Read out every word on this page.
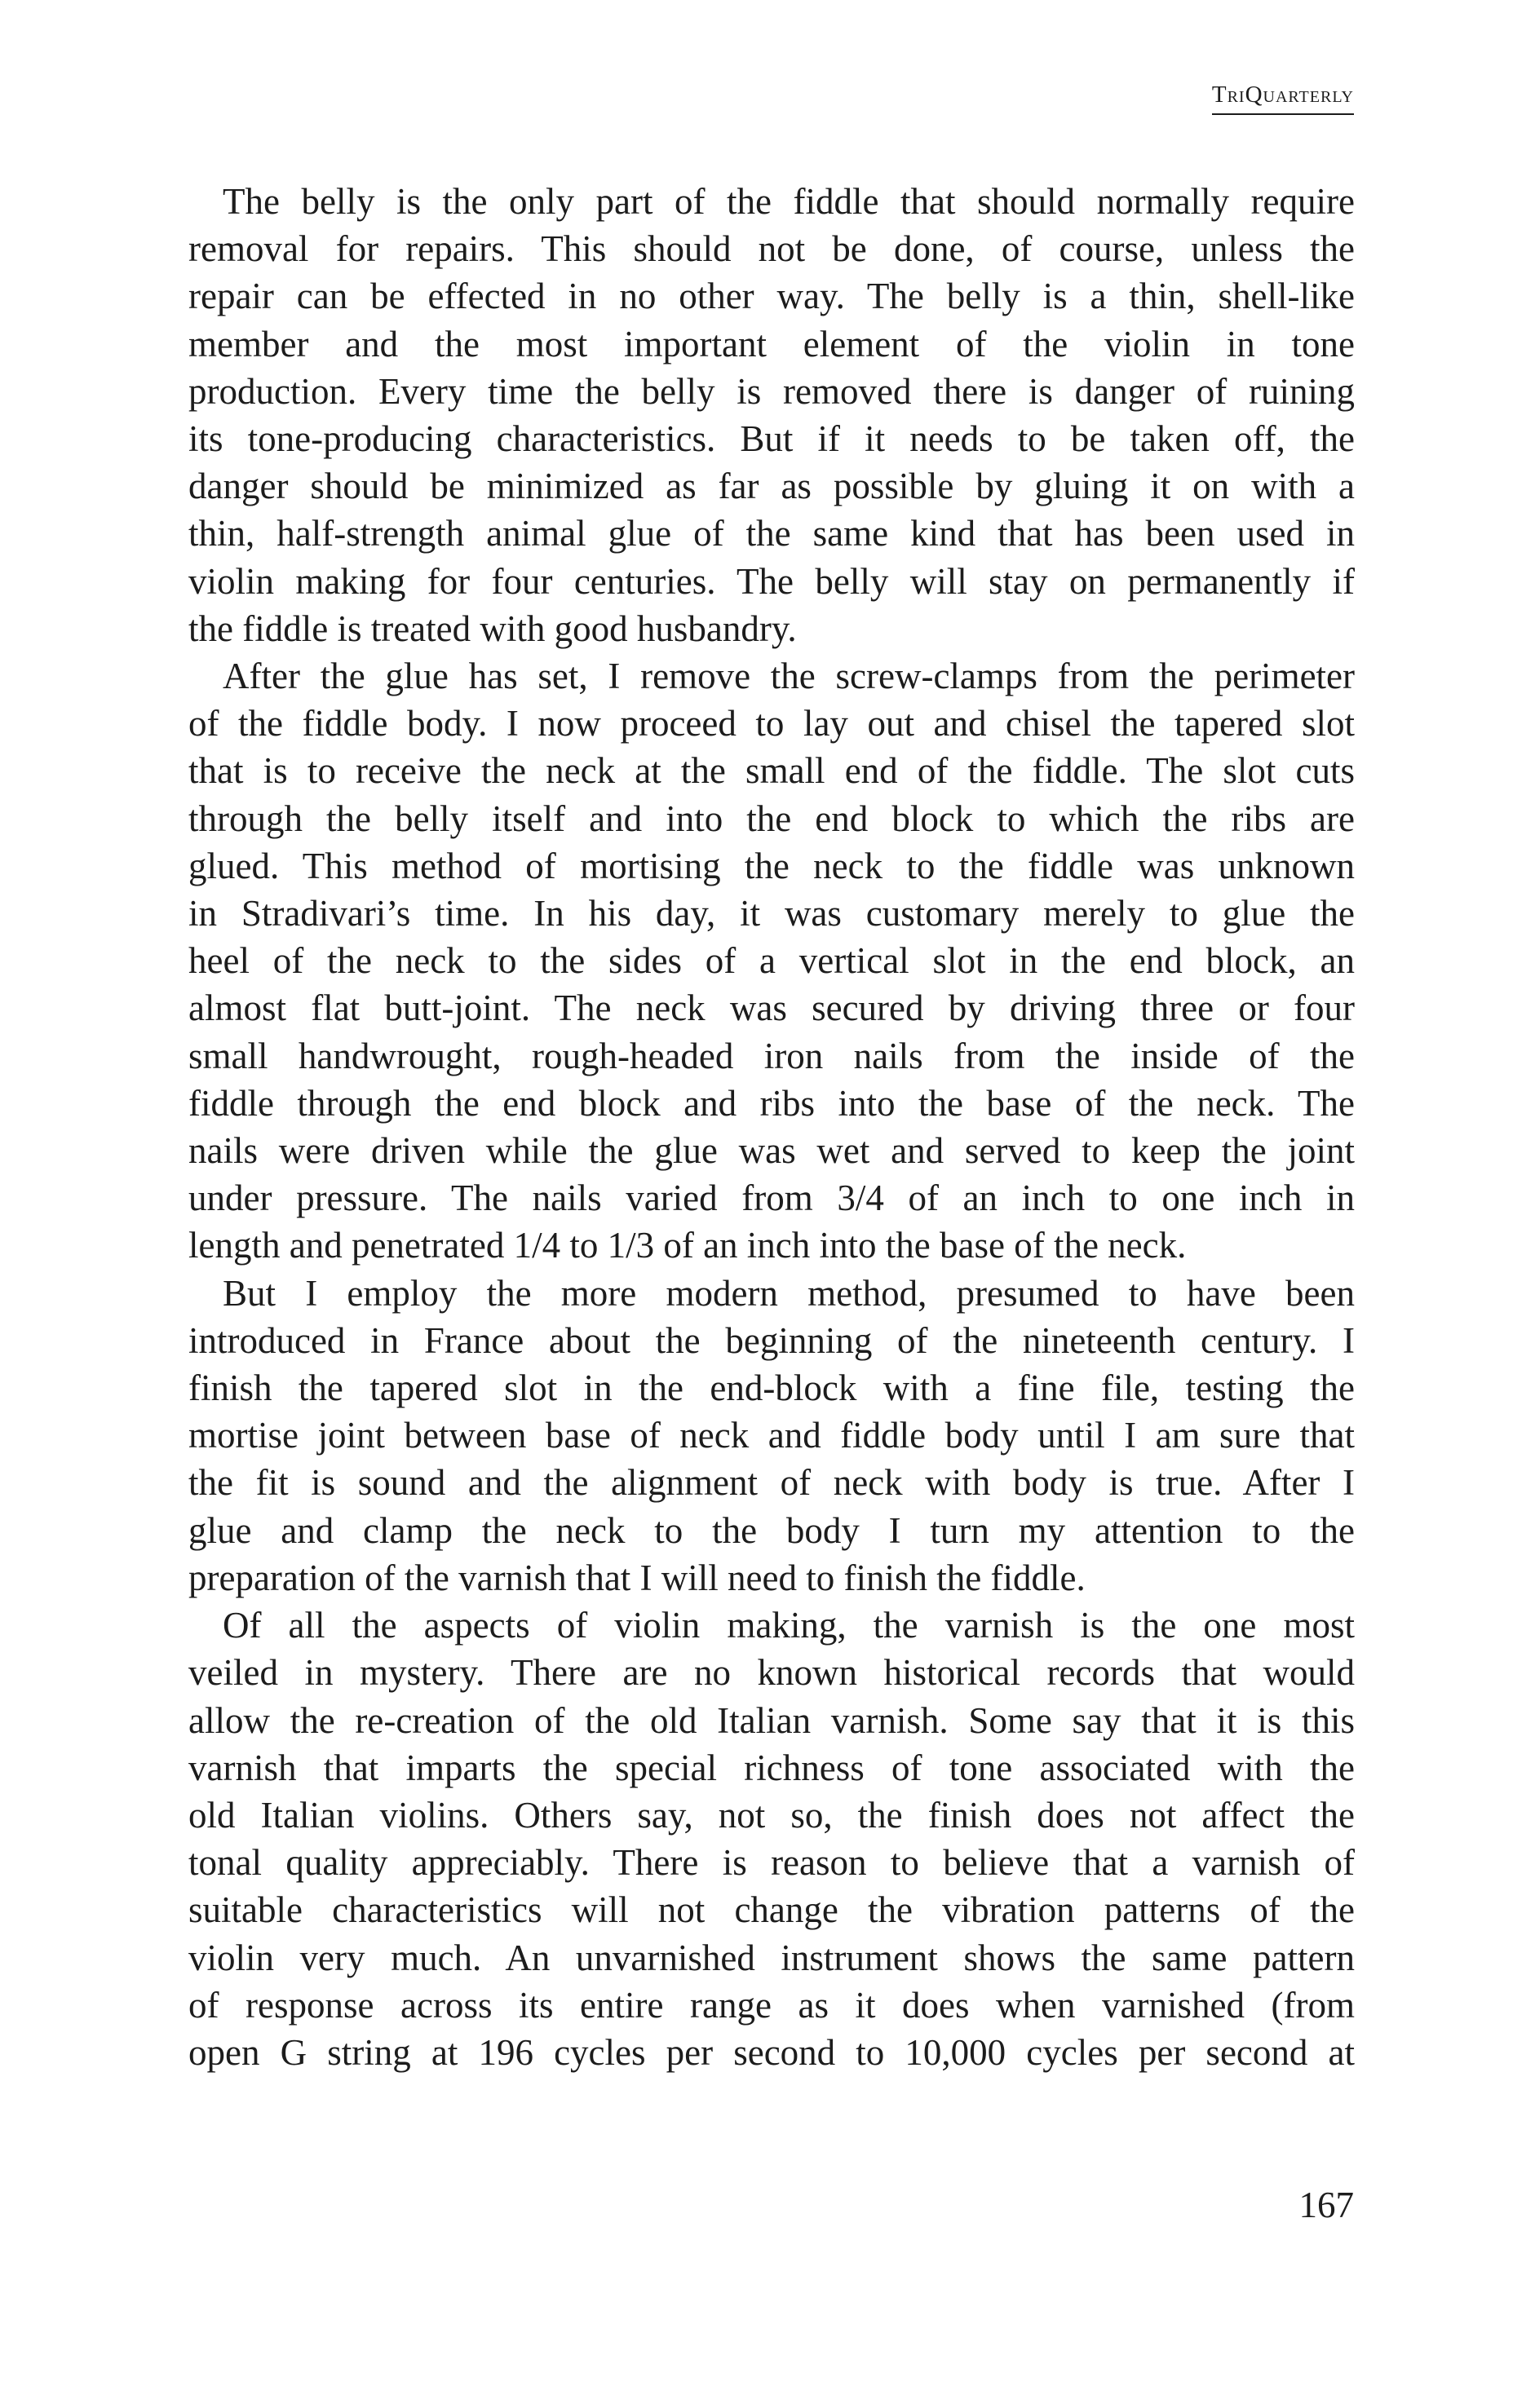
TriQuarterly

The belly is the only part of the fiddle that should normally require
removal for repairs. This should not be done, of course, unless the
repair can be effected in no other way. The belly is a thin, shell-like
member and the most important element of the violin in tone
production. Every time the belly is removed there is danger of ruining
its tone-producing characteristics. But if it needs to be taken off, the
danger should be minimized as far as possible by gluing it on with a
thin, half-strength animal glue of the same kind that has been used in
violin making for four centuries. The belly will stay on permanently if
the fiddle is treated with good husbandry.

After the glue has set, I remove the screw-clamps from the perimeter
of the fiddle body. I now proceed to lay out and chisel the tapered slot
that is to receive the neck at the small end of the fiddle. The slot cuts
through the belly itself and into the end block to which the ribs are
glued. This method of mortising the neck to the fiddle was unknown
in Stradivari’s time. In his day, it was customary merely to glue the
heel of the neck to the sides of a vertical slot in the end block, an
almost flat butt-joint. The neck was secured by driving three or four
small handwrought, rough-headed iron nails from the inside of the
fiddle through the end block and ribs into the base of the neck. The
nails were driven while the glue was wet and served to keep the joint
under pressure. The nails varied from 3/4 of an inch to one inch in
length and penetrated 1/4 to 1/3 of an inch into the base of the neck.

But I employ the more modern method, presumed to have been
introduced in France about the beginning of the nineteenth century. I
finish the tapered slot in the end-block with a fine file, testing the
mortise joint between base of neck and fiddle body until I am sure that
the fit is sound and the alignment of neck with body is true. After I
glue and clamp the neck to the body I turn my attention to the
preparation of the varnish that I will need to finish the fiddle.

Of all the aspects of violin making, the varnish is the one most
veiled in mystery. There are no known historical records that would
allow the re-creation of the old Italian varnish. Some say that it is this
varnish that imparts the special richness of tone associated with the
old Italian violins. Others say, not so, the finish does not affect the
tonal quality appreciably. There is reason to believe that a varnish of
suitable characteristics will not change the vibration patterns of the
violin very much. An unvarnished instrument shows the same pattern
of response across its entire range as it does when varnished (from
open G string at 196 cycles per second to 10,000 cycles per second at

167
